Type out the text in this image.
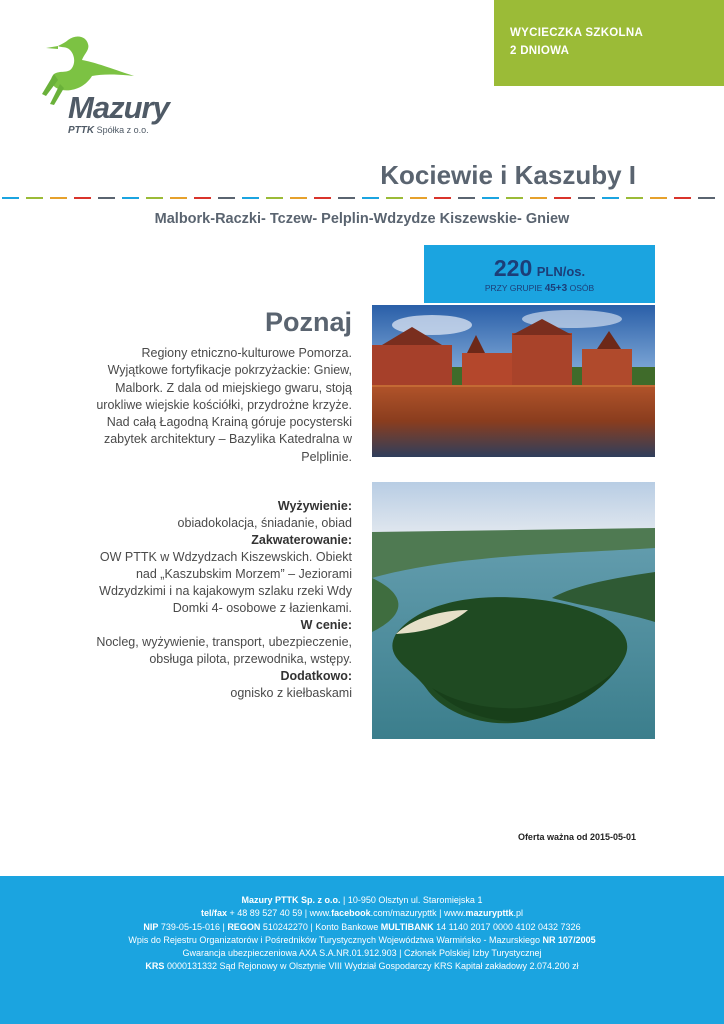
WYCIECZKA SZKOLNA
2 DNIOWA
Mazury
PTTK Spółka z o.o.
Kociewie i Kaszuby I
Malbork-Raczki- Tczew- Pelplin-Wdzydze Kiszewskie- Gniew
220 PLN/os.
PRZY GRUPIE 45+3 OSÓB
Poznaj
Regiony etniczno-kulturowe Pomorza.
Wyjątkowe fortyfikacje pokrzyżackie: Gniew,
Malbork. Z dala od miejskiego gwaru, stoją
urokliwe wiejskie kościółki, przydrożne krzyże.
Nad całą Łagodną Krainą góruje pocysterski
zabytek architektury – Bazylika Katedralna w
Pelplinie.
Wyżywienie:
obiadokolacja, śniadanie, obiad
Zakwaterowanie:
OW PTTK w Wdzydzach Kiszewskich. Obiekt
nad „Kaszubskim Morzem” – Jeziorami
Wdzydzkimi i na kajakowym szlaku rzeki Wdy
Domki 4- osobowe z łazienkami.
W cenie:
Nocleg, wyżywienie, transport, ubezpieczenie,
obsługa pilota, przewodnika, wstępy.
Dodatkowo:
ognisko z kiełbaskami
Oferta ważna od 2015-05-01
Mazury PTTK Sp. z o.o. | 10-950 Olsztyn ul. Staromiejska 1
tel/fax + 48 89 527 40 59 | www.facebook.com/mazurypttk | www.mazurypttk.pl
NIP 739-05-15-016 | REGON 510242270 | Konto Bankowe MULTIBANK 14 1140 2017 0000 4102 0432 7326
Wpis do Rejestru Organizatorów i Pośredników Turystycznych Województwa Warmińsko - Mazurskiego NR 107/2005
Gwarancja ubezpieczeniowa AXA S.A.NR.01.912.903 | Członek Polskiej Izby Turystycznej
KRS 0000131332 Sąd Rejonowy w Olsztynie VIII Wydział Gospodarczy KRS Kapitał zakładowy 2.074.200 zł
